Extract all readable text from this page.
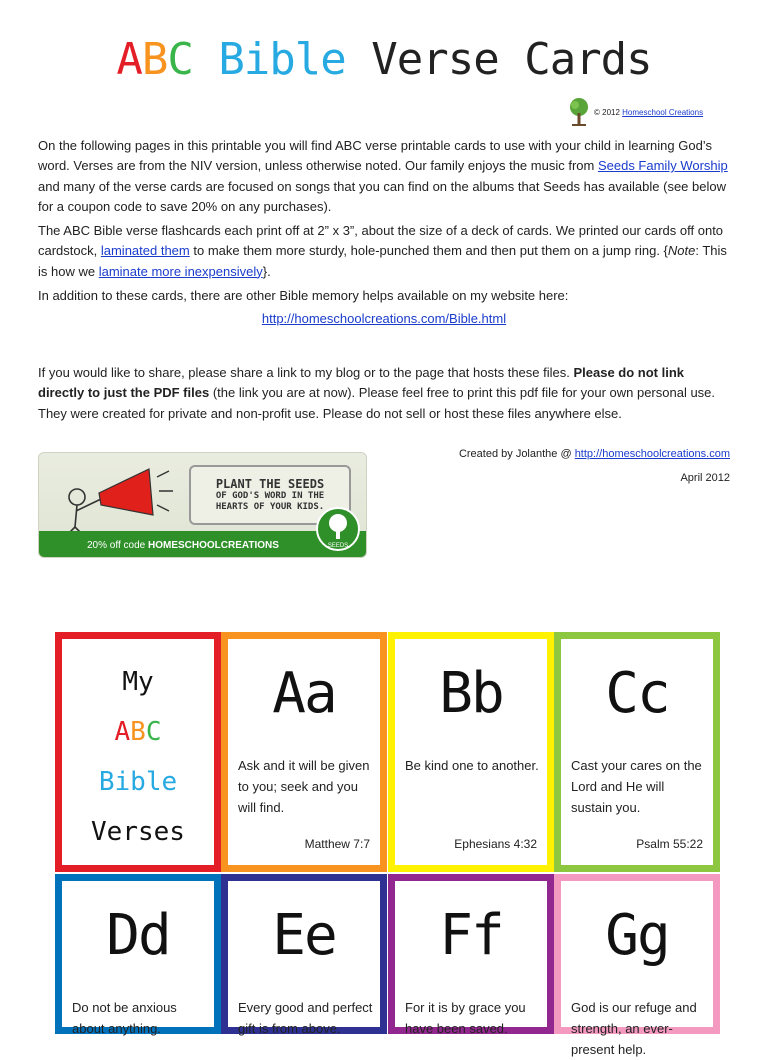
ABC Bible Verse Cards
© 2012
Homeschool Creations

On the following pages in this printable you will find ABC verse printable cards to use with your child in learning God’s word. Verses are from the NIV version, unless otherwise noted. Our family enjoys the music from Seeds Family Worship and many of the verse cards are focused on songs that you can find on the albums that Seeds has available (see below for a coupon code to save 20% on any purchases).

The ABC Bible verse flashcards each print off at 2” x 3”, about the size of a deck of cards. We printed our cards off onto cardstock, laminated them to make them more sturdy, hole-punched them and then put them on a jump ring. {Note: This is how we laminate more inexpensively}.

In addition to these cards, there are other Bible memory helps available on my website here:

http://homeschoolcreations.com/Bible.html

If you would like to share, please share a link to my blog or to the page that hosts these files. Please do not link directly to just the PDF files (the link you are at now). Please feel free to print this pdf file for your own personal use. They were created for private and non-profit use. Please do not sell or host these files anywhere else.

PLANT THE SEEDS
OF GOD'S WORD IN THE
HEARTS OF YOUR KIDS.
20% off code HOMESCHOOLCREATIONS	SEEDS
Created by Jolanthe @ http://homeschoolcreations.com
April 2012
My
ABC
Bible
Verses
Aa
Ask and it will be given to you; seek and you will find.
Matthew 7:7
Bb
Be kind one to another.
Ephesians 4:32
Cc
Cast your cares on the Lord and He will sustain you.
Psalm 55:22
Dd
Do not be anxious about anything.
Ee
Every good and perfect gift is from above.
Ff
For it is by grace you have been saved.
Gg
God is our refuge and strength, an ever-present help.
